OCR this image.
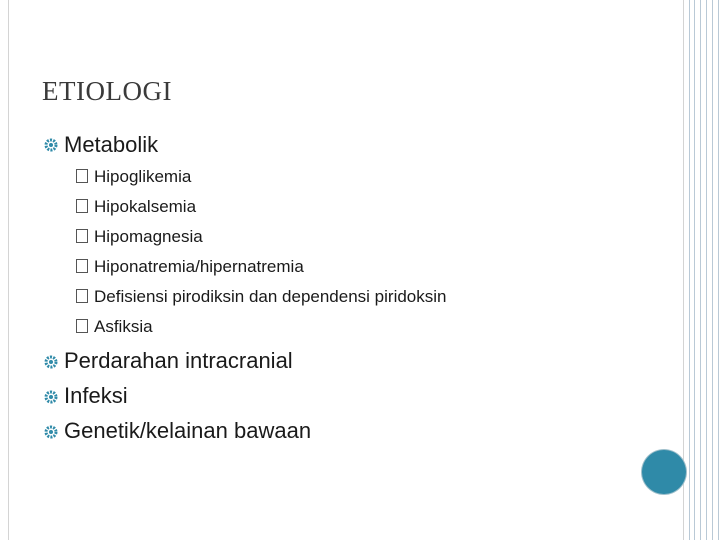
ETIOLOGI
Metabolik
Hipoglikemia
Hipokalsemia
Hipomagnesia
Hiponatremia/hipernatremia
Defisiensi pirodiksin dan dependensi piridoksin
Asfiksia
Perdarahan intracranial
Infeksi
Genetik/kelainan bawaan
